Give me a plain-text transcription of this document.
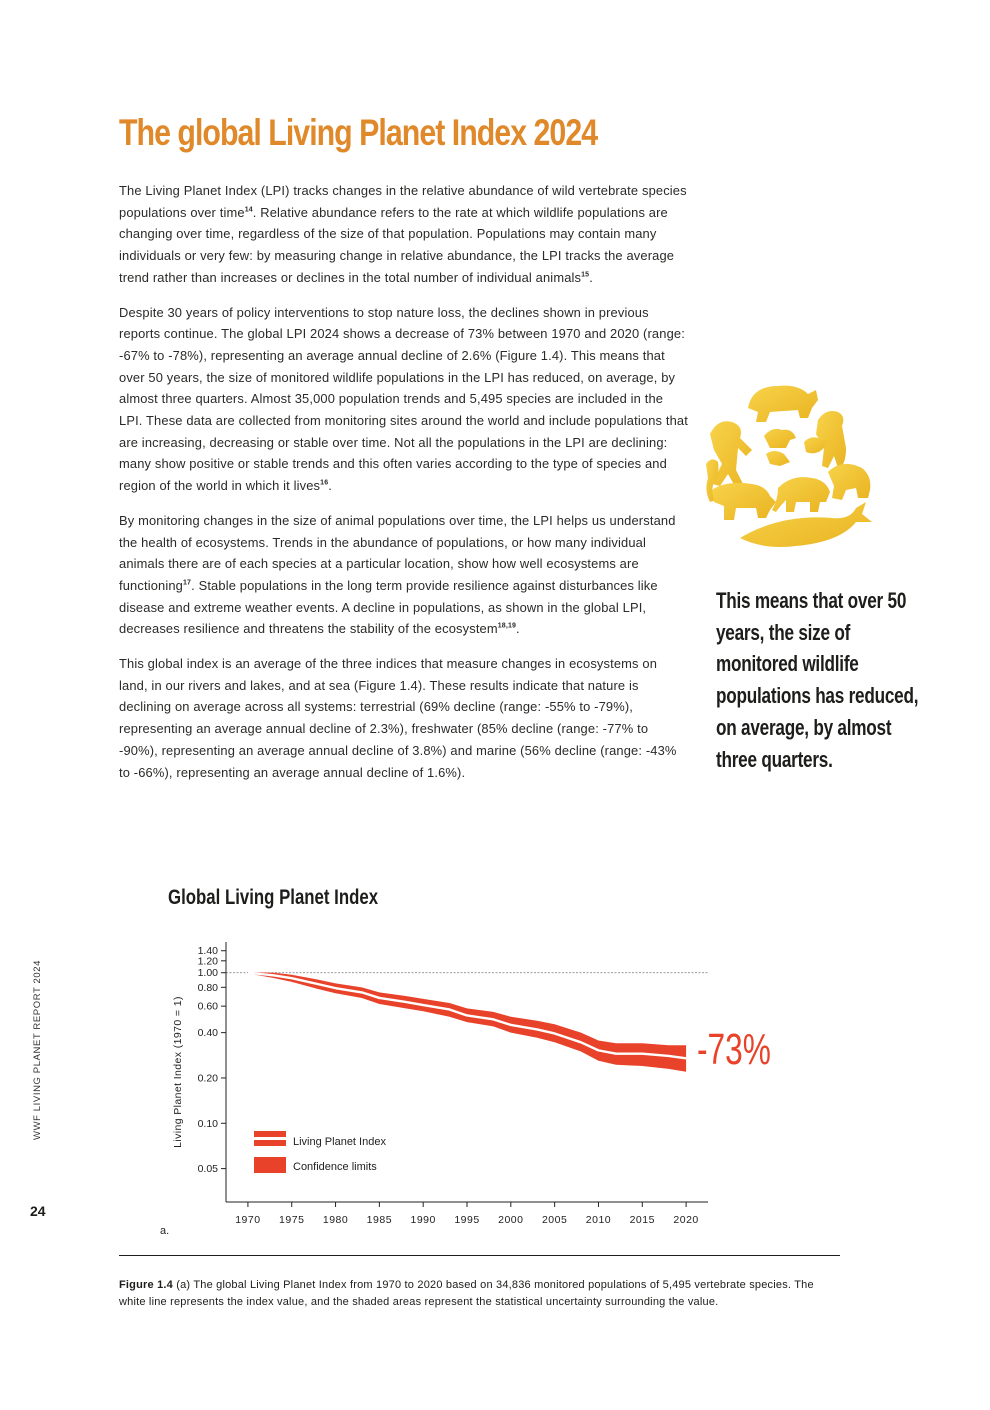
The global Living Planet Index 2024

The Living Planet Index (LPI) tracks changes in the relative abundance of wild vertebrate species populations over time$^{14}$. Relative abundance refers to the rate at which wildlife populations are changing over time, regardless of the size of that population. Populations may contain many individuals or very few: by measuring change in relative abundance, the LPI tracks the average trend rather than increases or declines in the total number of individual animals$^{15}$.

Despite 30 years of policy interventions to stop nature loss, the declines shown in previous reports continue. The global LPI 2024 shows a decrease of 73% between 1970 and 2020 (range: -67% to -78%), representing an average annual decline of 2.6% (Figure 1.4). This means that over 50 years, the size of monitored wildlife populations in the LPI has reduced, on average, by almost three quarters. Almost 35,000 population trends and 5,495 species are included in the LPI. These data are collected from monitoring sites around the world and include populations that are increasing, decreasing or stable over time. Not all the populations in the LPI are declining: many show positive or stable trends and this often varies according to the type of species and region of the world in which it lives$^{16}$.

By monitoring changes in the size of animal populations over time, the LPI helps us understand the health of ecosystems. Trends in the abundance of populations, or how many individual animals there are of each species at a particular location, show how well ecosystems are functioning$^{17}$. Stable populations in the long term provide resilience against disturbances like disease and extreme weather events. A decline in populations, as shown in the global LPI, decreases resilience and threatens the stability of the ecosystem$^{18,19}$.

This global index is an average of the three indices that measure changes in ecosystems on land, in our rivers and lakes, and at sea (Figure 1.4). These results indicate that nature is declining on average across all systems: terrestrial (69% decline (range: -55% to -79%), representing an average annual decline of 2.3%), freshwater (85% decline (range: -77% to -90%), representing an average annual decline of 3.8%) and marine (56% decline (range: -43% to -66%), representing an average annual decline of 1.6%).

This means that over 50 years, the size of monitored wildlife populations has reduced, on average, by almost three quarters.

WWF LIVING PLANET REPORT 2024
24
Global Living Planet Index
0.05
0.10
0.20
0.40
0.60
0.80
1.00
1.20
1.40
1970 1975 1980 1985 1990 1995 2000 2005 2010 2015 2020
Living Planet Index (1970 = 1)
a.
-73%
Living Planet Index
Confidence limits

Figure 1.4 (a) The global Living Planet Index from 1970 to 2020 based on 34,836 monitored populations of 5,495 vertebrate species. The white line represents the index value, and the shaded areas represent the statistical uncertainty surrounding the value.
